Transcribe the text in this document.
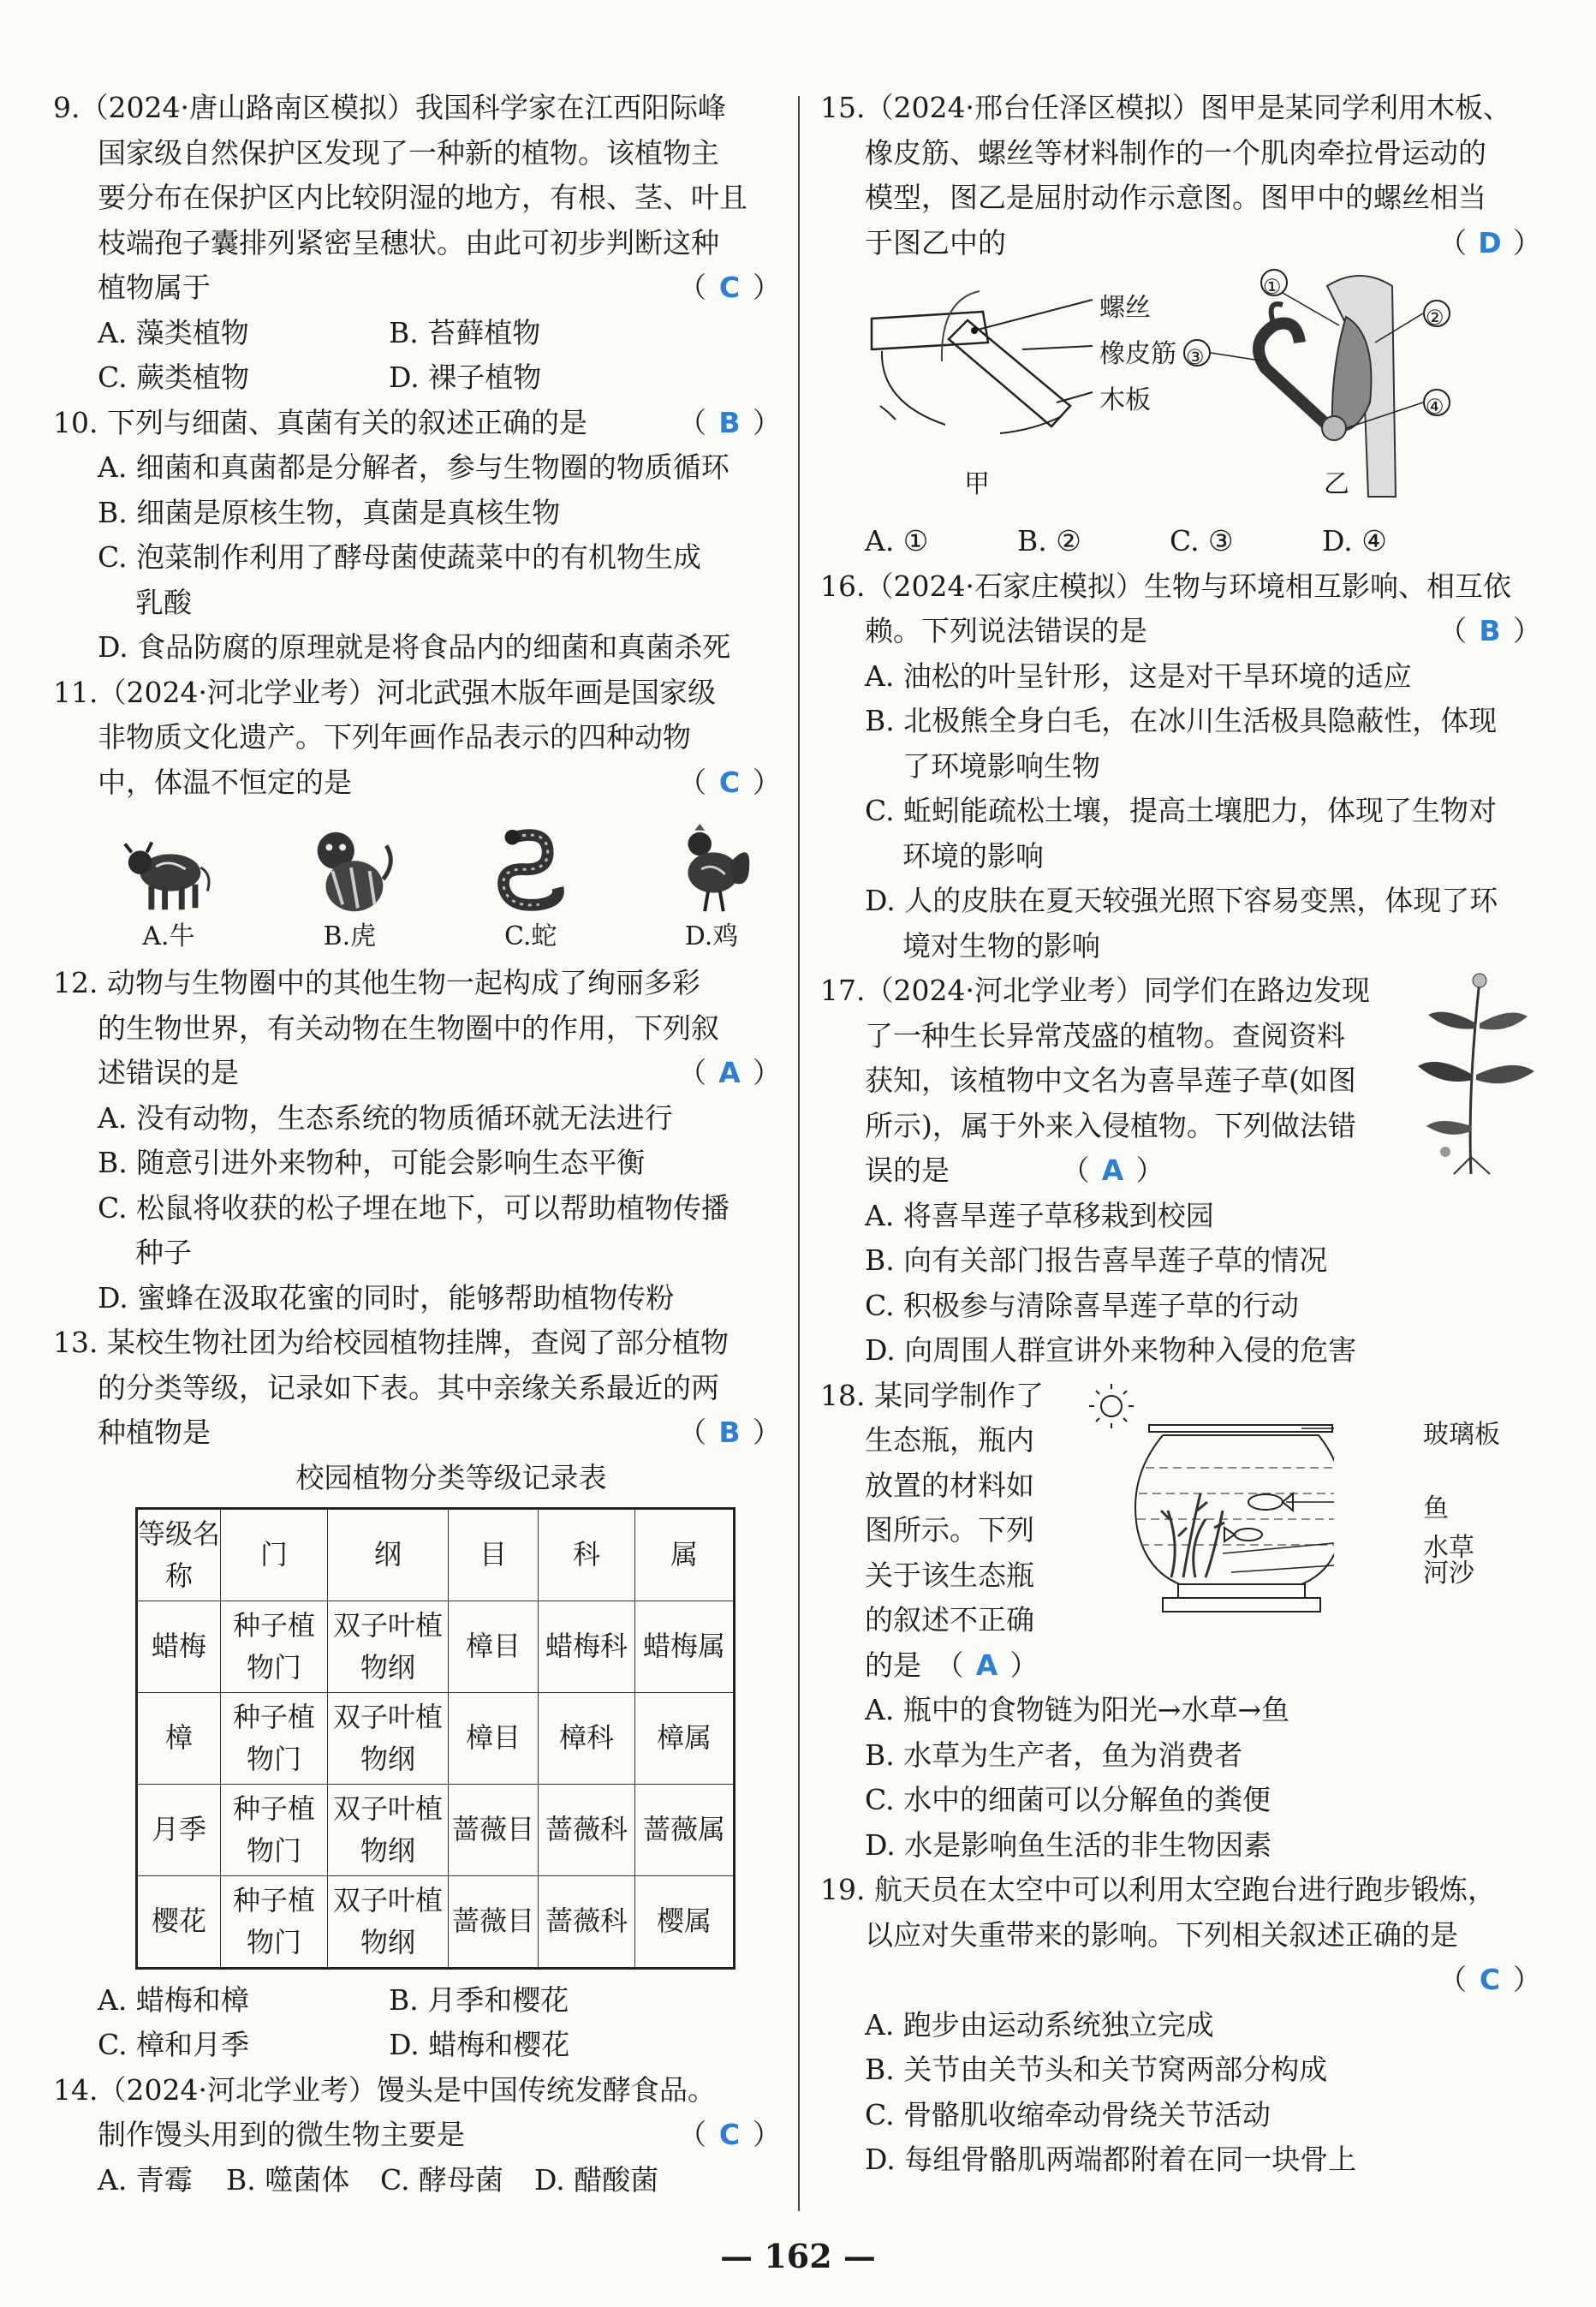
9.（2024·唐山路南区模拟）我国科学家在江西阳际峰
国家级自然保护区发现了一种新的植物。该植物主
要分布在保护区内比较阴湿的地方，有根、茎、叶且
枝端孢子囊排列紧密呈穗状。由此可初步判断这种
植物属于	（ C ）
A. 藻类植物	B. 苔藓植物
C. 蕨类植物	D. 裸子植物
10. 下列与细菌、真菌有关的叙述正确的是	（ B ）
A. 细菌和真菌都是分解者，参与生物圈的物质循环
B. 细菌是原核生物，真菌是真核生物
C. 泡菜制作利用了酵母菌使蔬菜中的有机物生成
乳酸
D. 食品防腐的原理就是将食品内的细菌和真菌杀死
11.（2024·河北学业考）河北武强木版年画是国家级
非物质文化遗产。下列年画作品表示的四种动物
中，体温不恒定的是	（ C ）
A.牛	B.虎	C.蛇	D.鸡
12. 动物与生物圈中的其他生物一起构成了绚丽多彩
的生物世界，有关动物在生物圈中的作用，下列叙
述错误的是	（ A ）
A. 没有动物，生态系统的物质循环就无法进行
B. 随意引进外来物种，可能会影响生态平衡
C. 松鼠将收获的松子埋在地下，可以帮助植物传播
种子
D. 蜜蜂在汲取花蜜的同时，能够帮助植物传粉
13. 某校生物社团为给校园植物挂牌，查阅了部分植物
的分类等级，记录如下表。其中亲缘关系最近的两
种植物是	（ B ）
校园植物分类等级记录表
等级名称	门	纲	目	科	属
蜡梅	种子植物门	双子叶植物纲	樟目	蜡梅科	蜡梅属
樟	种子植物门	双子叶植物纲	樟目	樟科	樟属
月季	种子植物门	双子叶植物纲	蔷薇目	蔷薇科	蔷薇属
樱花	种子植物门	双子叶植物纲	蔷薇目	蔷薇科	樱属
A. 蜡梅和樟	B. 月季和樱花
C. 樟和月季	D. 蜡梅和樱花
14.（2024·河北学业考）馒头是中国传统发酵食品。
制作馒头用到的微生物主要是	（ C ）
A. 青霉	B. 噬菌体	C. 酵母菌	D. 醋酸菌
15.（2024·邢台任泽区模拟）图甲是某同学利用木板、
橡皮筋、螺丝等材料制作的一个肌肉牵拉骨运动的
模型，图乙是屈肘动作示意图。图甲中的螺丝相当
于图乙中的	（ D ）
螺丝
橡皮筋
木板
甲	乙
①
②
③
④
A. ①	B. ②	C. ③	D. ④
16.（2024·石家庄模拟）生物与环境相互影响、相互依
赖。下列说法错误的是	（ B ）
A. 油松的叶呈针形，这是对干旱环境的适应
B. 北极熊全身白毛，在冰川生活极具隐蔽性，体现
了环境影响生物
C. 蚯蚓能疏松土壤，提高土壤肥力，体现了生物对
环境的影响
D. 人的皮肤在夏天较强光照下容易变黑，体现了环
境对生物的影响
17.（2024·河北学业考）同学们在路边发现
了一种生长异常茂盛的植物。查阅资料
获知，该植物中文名为喜旱莲子草(如图
所示)，属于外来入侵植物。下列做法错
误的是	（ A ）
A. 将喜旱莲子草移栽到校园
B. 向有关部门报告喜旱莲子草的情况
C. 积极参与清除喜旱莲子草的行动
D. 向周围人群宣讲外来物种入侵的危害
玻璃板
鱼
水草
河沙
18. 某同学制作了
生态瓶，瓶内
放置的材料如
图所示。下列
关于该生态瓶
的叙述不正确
的是 （ A ）
A. 瓶中的食物链为阳光→水草→鱼
B. 水草为生产者，鱼为消费者
C. 水中的细菌可以分解鱼的粪便
D. 水是影响鱼生活的非生物因素
19. 航天员在太空中可以利用太空跑台进行跑步锻炼，
以应对失重带来的影响。下列相关叙述正确的是
（ C ）
A. 跑步由运动系统独立完成
B. 关节由关节头和关节窝两部分构成
C. 骨骼肌收缩牵动骨绕关节活动
D. 每组骨骼肌两端都附着在同一块骨上
— 162 —
